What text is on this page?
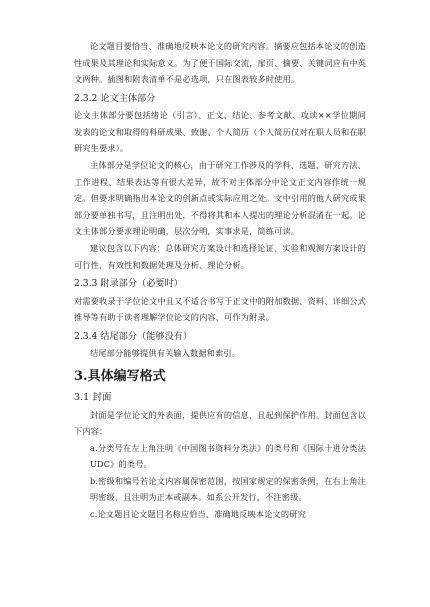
论文题目要恰当、准确地反映本论文的研究内容。摘要应包括本论文的创造性成果及其理论和实际意义。为了便于国际交流，扉页、摘要、关键词应有中英文两种。插图和附表清单不是必选项，只在图表较多时使用。
2.3.2 论文主体部分
论文主体部分要包括绪论（引言）、正文、结论、参考文献、攻读××学位期间发表的论文和取得的科研成果、致谢、个人简历（个人简历仅对在职人员和在职研究生要求）。
主体部分是学位论文的核心，由于研究工作涉及的学科、选题、研究方法、工作进程、结果表达等有很大差异，故不对主体部分中论文正文内容作统一规定。但要求明确指出本论文的创新点或实际应用之处。文中引用的他人研究成果部分要单独书写，且注明出处，不得将其和本人提出的理论分析混淆在一起。论文主体部分要求理论明确，层次分明，实事求是，简练可读。
建议包含以下内容：总体研究方案设计和选择论证、实验和观测方案设计的可行性，有效性和数据处理及分析、理论分析。
2.3.3 附录部分（必要时）
对需要收录于学位论文中且又不适合书写于正文中的附加数据、资料、详细公式推导等有助于读者理解学位论文的内容，可作为附录。
2.3.4 结尾部分（能够没有）
结尾部分能够提供有关输入数据和索引。
3.具体编写格式
3.1 封面
封面是学位论文的外表面，提供应有的信息，且起到保护作用。封面包含以下内容：
a.分类号在左上角注明《中国图书资料分类法》的类号和《国际十进分类法 UDC》的类号。
b.密级和编号若论文内容属保密范围，按国家规定的保密条例，在右上角注明密级，且注明为正本或副本。如系公开发行，不注密级。
c.论文题目论文题目名称应恰当、准确地反映本论文的研究
